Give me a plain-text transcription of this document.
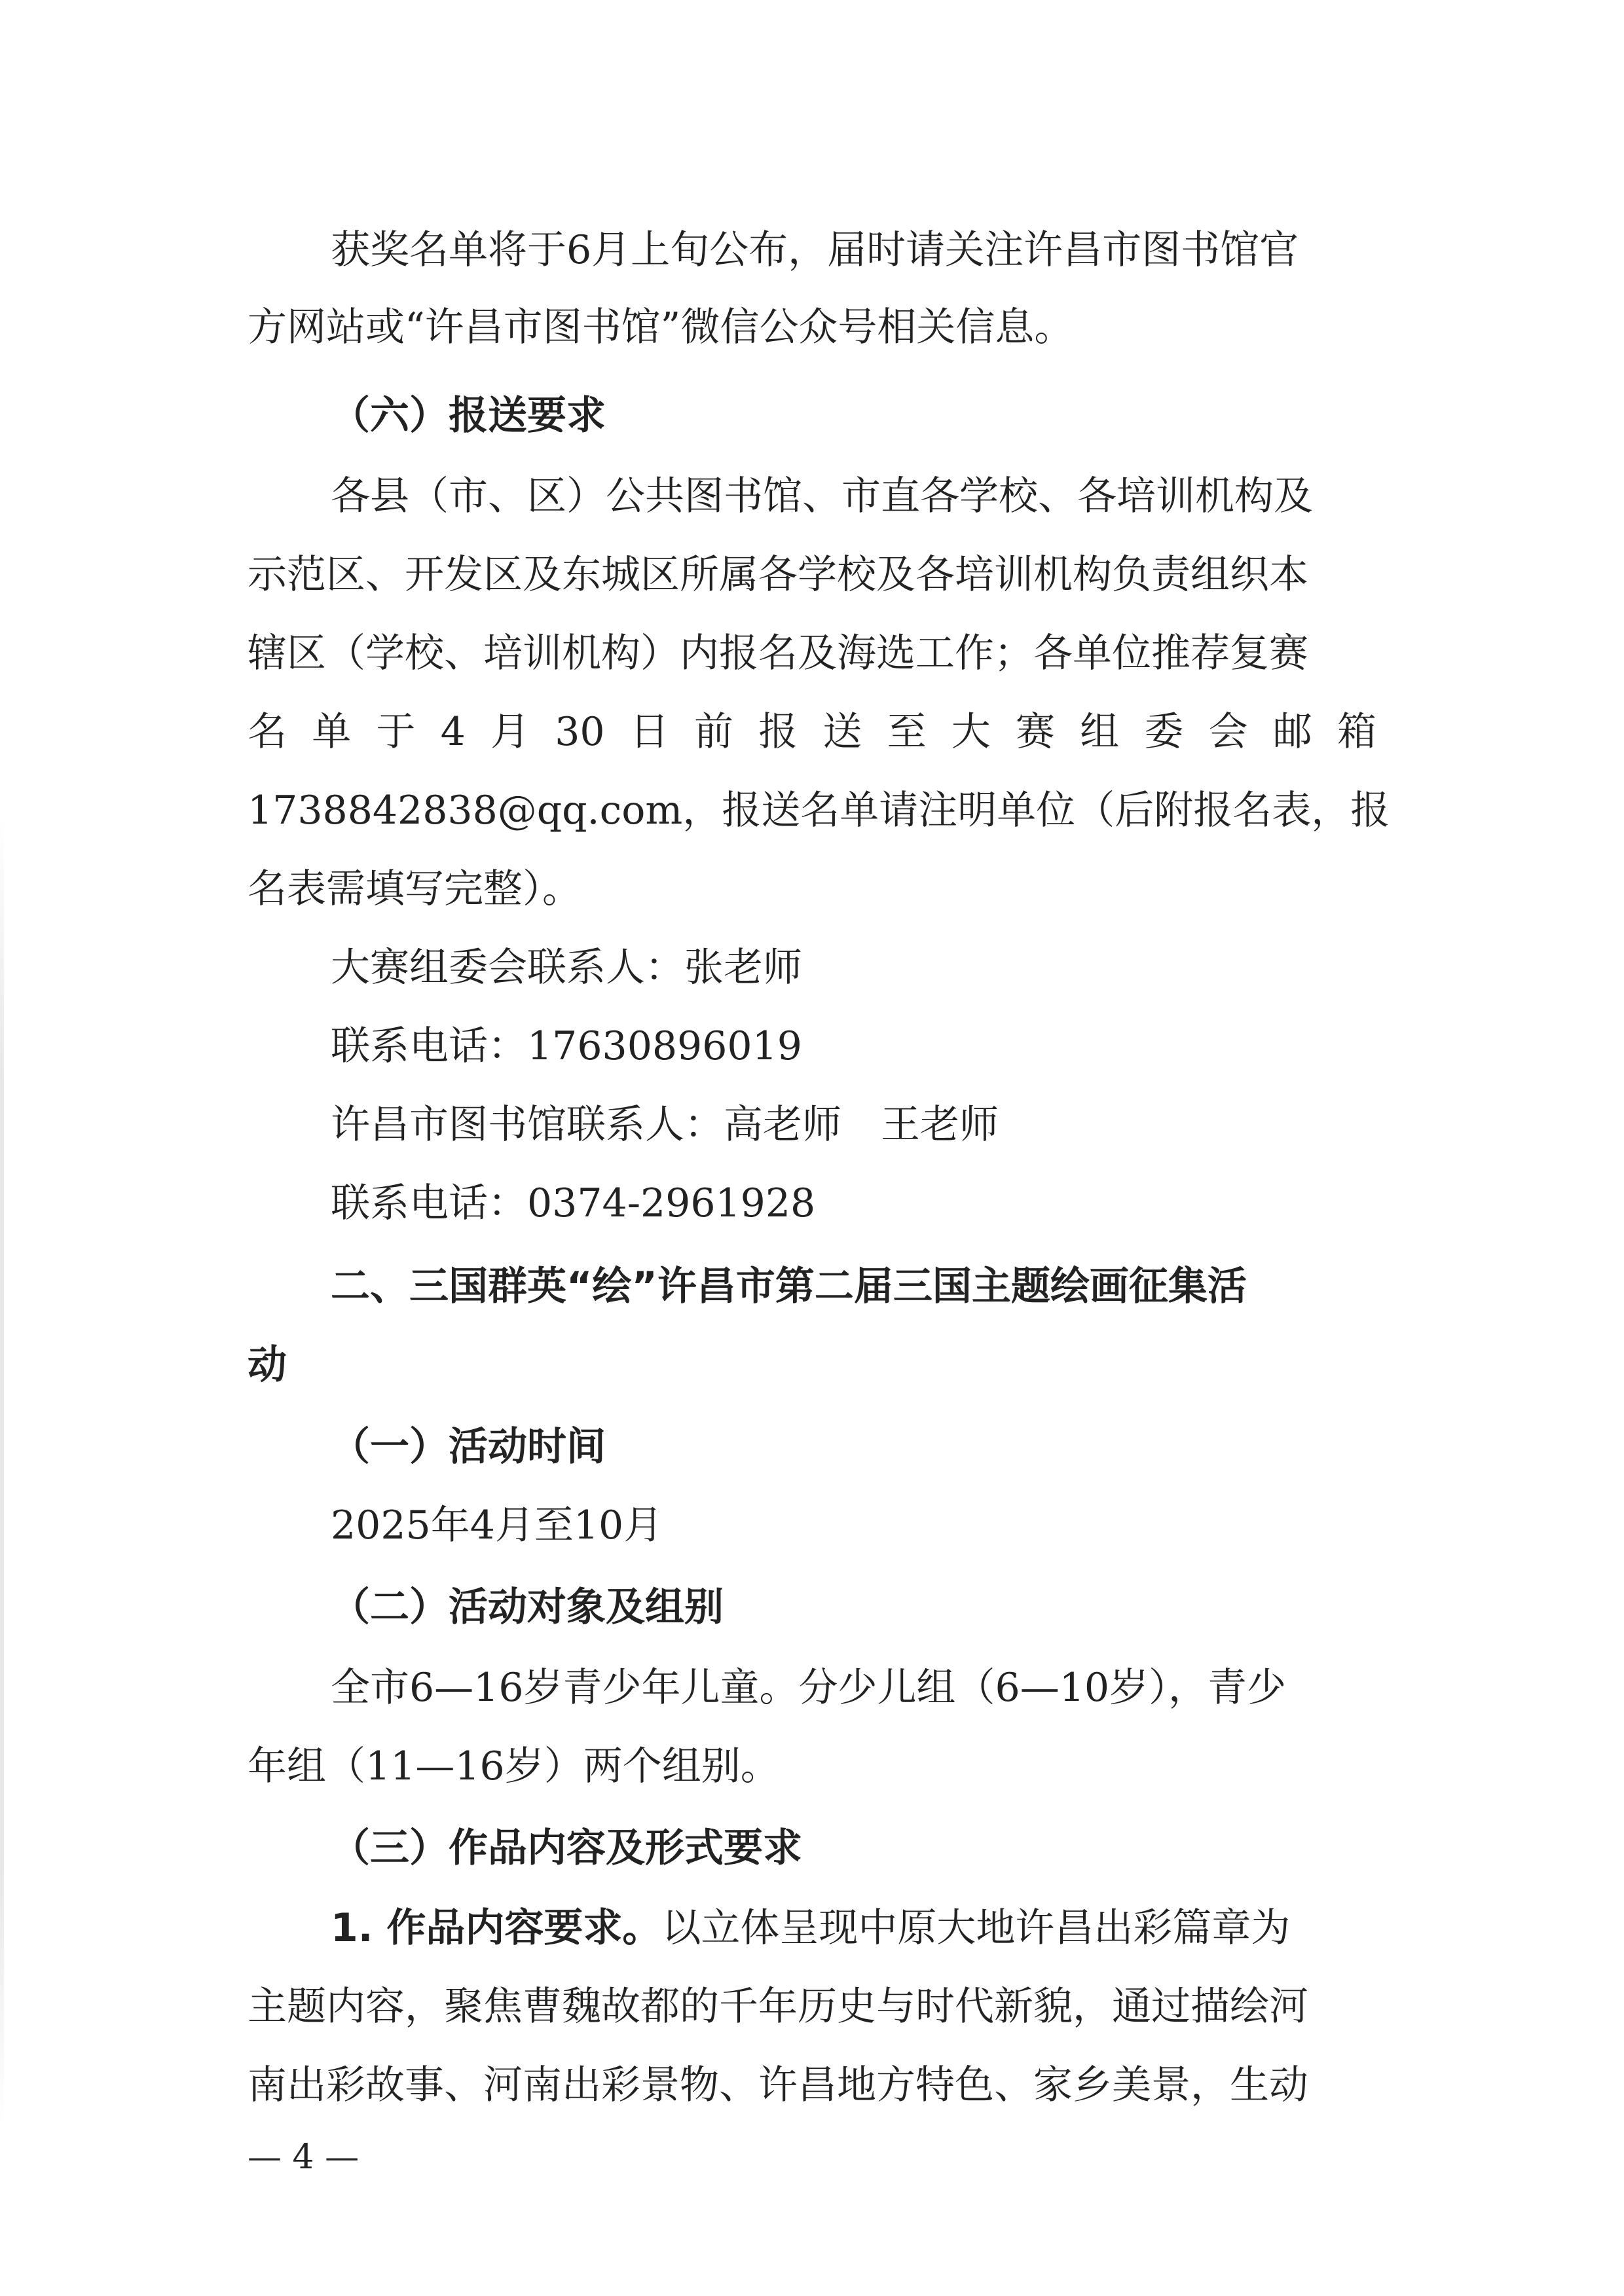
获奖名单将于6月上旬公布，届时请关注许昌市图书馆官
方网站或“许昌市图书馆”微信公众号相关信息。
（六）报送要求
各县（市、区）公共图书馆、市直各学校、各培训机构及
示范区、开发区及东城区所属各学校及各培训机构负责组织本
辖区（学校、培训机构）内报名及海选工作；各单位推荐复赛
名 单 于 4 月 30 日 前 报 送 至 大 赛 组 委 会 邮 箱
1738842838@qq.com，报送名单请注明单位（后附报名表，报
名表需填写完整）。
大赛组委会联系人：张老师
联系电话：17630896019
许昌市图书馆联系人：高老师　王老师
联系电话：0374-2961928
二、三国群英“绘”许昌市第二届三国主题绘画征集活
动
（一）活动时间
2025年4月至10月
（二）活动对象及组别
全市6—16岁青少年儿童。分少儿组（6—10岁），青少
年组（11—16岁）两个组别。
（三）作品内容及形式要求
1. 作品内容要求。以立体呈现中原大地许昌出彩篇章为
主题内容，聚焦曹魏故都的千年历史与时代新貌，通过描绘河
南出彩故事、河南出彩景物、许昌地方特色、家乡美景，生动
— 4 —
